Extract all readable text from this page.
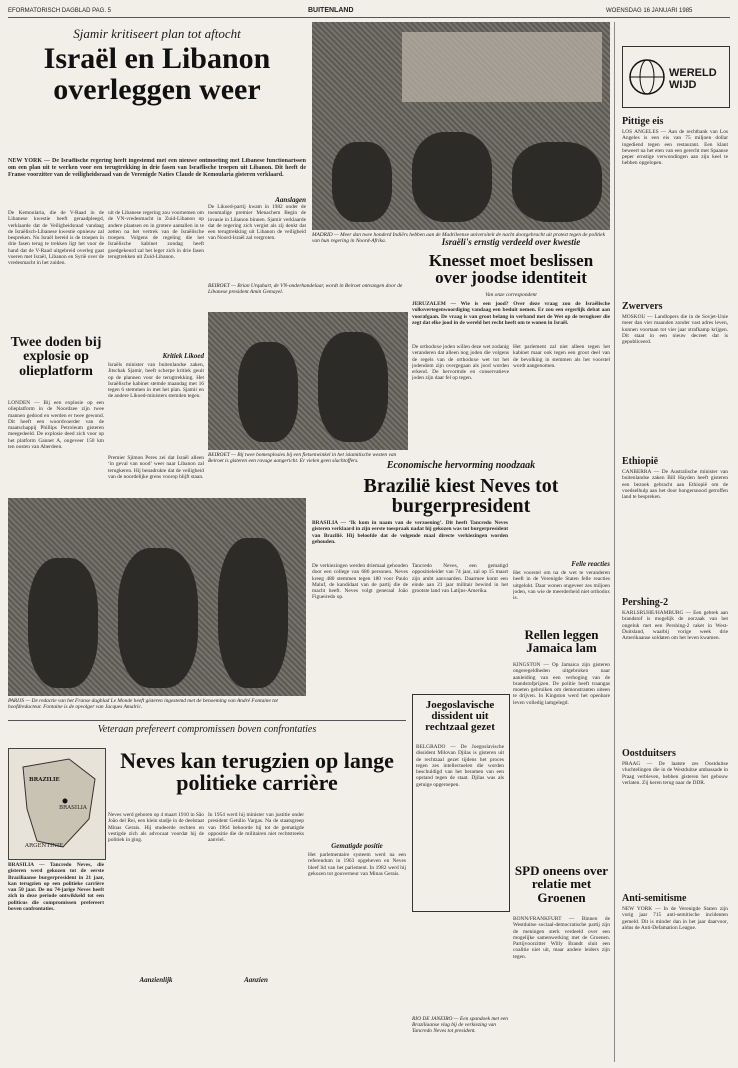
EFORMATORISCH DAGBLAD PAG. 5	BUITENLAND	WOENSDAG 16 JANUARI 1985
Sjamir kritiseert plan tot aftocht
Israël en Libanon overleggen weer
NEW YORK — De Israëlische regering heeft ingestemd met een nieuwe ontmoeting met Libanese functionarissen om een plan uit te werken voor een terugtrekking in drie fasen van Israëlische troepen uit Libanon. Dit heeft de Franse voorzitter van de veiligheidsraad van de Verenigde Naties Claude de Kemoularia gisteren verklaard.
De Kemoularia, die de V-Raad in de Libanese kwestie heeft geraadpleegd, verklaarde dat de Veiligheidsraad vandaag de Israëlisch-Libanese kwestie opnieuw zal bespreken. Nu Israël bereid is de troepen in drie fasen terug te trekken ligt het voor de hand dat de V-Raad uitgebreid overleg gaat voeren met Israël, Libanon en Syrië over de vredesmacht in het zuiden.
uit de Libanese regering zou voornemen om de VN-vredesmacht in Zuid-Libanon op andere plaatsen en in grotere aantallen in te zetten na het vertrek van de Israëlische troepen. Volgens de regeling die het Israëlische kabinet zondag heeft goedgekeurd zal het leger zich in drie fasen terugtrekken uit Zuid-Libanon.
Aanslagen
De Likoed-partij kwam in 1982 onder de toenmalige premier Menachem Begin de invasie in Libanon binnen. Sjamir verklaarde dat de regering zich vergist als zij denkt dat een terugtrekking uit Libanon de veiligheid van Noord-Israël zal vergroten.
Kritiek Likoed
Israëls minister van buitenlandse zaken, Jitschak Sjamir, heeft scherpe kritiek geuit op de plannen voor de terugtrekking. Het Israëlische kabinet stemde maandag met 16 tegen 6 stemmen in met het plan. Sjamir en de andere Likoed-ministers stemden tegen.
Premier Sjimon Peres zei dat Israël alleen ‘in geval van nood’ weer naar Libanon zal terugkeren. Hij benadrukte dat de veiligheid van de noordelijke grens voorop blijft staan.
Twee doden bij explosie op olieplatform
LONDEN — Bij een explosie op een olieplatform in de Noordzee zijn twee mannen gedood en werden er twee gewond. Dit heeft een woordvoerder van de maatschappij Phillips Petroleum gisteren meegedeeld. De explosie deed zich voor op het platform Gannet A, ongeveer 150 km ten oosten van Aberdeen.
MADRID — Meer dan twee honderd Indiërs hebben aan de Madrileense universiteit de nacht doorgebracht uit protest tegen de politiek van hun regering in Noord-Afrika.
BEIROET — Brian Urquhart, de VN-onderhandelaar, wordt in Beiroet ontvangen door de Libanese president Amin Gemayel.
BEIROET — Bij twee bomexplosies bij een fietsenwinkel in het islamitische westen van Beiroet is gisteren een ravage aangericht. Er vielen geen slachtoffers.
PARIJS — De redactie van het Franse dagblad Le Monde heeft gisteren ingestemd met de benoeming van André Fontaine tot hoofdredacteur. Fontaine is de opvolger van Jacques Amalric.
Israëli's ernstig verdeeld over kwestie
Knesset moet beslissen over joodse identiteit
Van onze correspondent
JERUZALEM — Wie is een jood? Over deze vraag zou de Israëlische volksvertegenwoordiging vandaag een besluit nemen. Er zou een ergerlijk debat aan voorafgaan. De vraag is van groot belang in verband met de Wet op de terugkeer die zegt dat elke jood in de wereld het recht heeft om te wonen in Israël.
De orthodoxe joden willen deze wet zodanig veranderen dat alleen nog joden die volgens de regels van de orthodoxe wet tot het jodendom zijn overgegaan als jood worden erkend. De hervormde en conservatieve joden zijn daar fel op tegen.
Het parlement zal niet alleen tegen het kabinet maar ook tegen een groot deel van de bevolking in stemmen als het voorstel wordt aangenomen.
Felle reacties
Het voorstel om na de wet te veranderen heeft in de Verenigde Staten felle reacties uitgelokt. Daar wonen ongeveer zes miljoen joden, van wie de meerderheid niet orthodox is.
Economische hervorming noodzaak
Brazilië kiest Neves tot burgerpresident
BRASILIA — ‘Ik kom in naam van de verzoening’. Dit heeft Tancredo Neves gisteren verklaard in zijn eerste toespraak nadat hij gekozen was tot burgerpresident van Brazilië. Hij beloofde dat de volgende maal directe verkiezingen worden gehouden.
De verkiezingen werden driemaal gehouden door een college van 686 personen. Neves kreeg 480 stemmen tegen 180 voor Paulo Maluf, de kandidaat van de partij die de macht heeft. Neves volgt generaal João Figueiredo op.
Tancredo Neves, een gematigd oppositieleider van 74 jaar, zal op 15 maart zijn ambt aanvaarden. Daarmee komt een einde aan 21 jaar militair bewind in het grootste land van Latijns-Amerika.
Rellen leggen Jamaica lam
KINGSTON — Op Jamaica zijn gisteren ongeregeldheden uitgebroken naar aanleiding van een verhoging van de brandstofprijzen. De politie heeft traangas moeten gebruiken om demonstranten uiteen te drijven. In Kingston werd het openbare leven volledig lamgelegd.
Joegoslavische dissident uit rechtzaal gezet
BELGRADO — De Joegoslavische dissident Milovan Djilas is gisteren uit de rechtzaal gezet tijdens het proces tegen zes intellectuelen die worden beschuldigd van het beramen van een opstand tegen de staat. Djilas was als getuige opgeroepen.
RIO DE JANEIRO — Een spandoek met een Braziliaanse vlag bij de verkiezing van Tancredo Neves tot president.
SPD oneens over relatie met Groenen
BONN/FRANKFURT — Binnen de Westduitse sociaal-democratische partij zijn de meningen sterk verdeeld over een mogelijke samenwerking met de Groenen. Partijvoorzitter Willy Brandt sluit een coalitie niet uit, maar andere leiders zijn tegen.
Veteraan prefereert compromissen boven confrontaties
Neves kan terugzien op lange politieke carrière
BRAZILIE
BRASILIA
ARGENTINIE
BRASILIA — Tancredo Neves, die gisteren werd gekozen tot de eerste Braziliaanse burgerpresident in 21 jaar, kan terugzien op een politieke carrière van 50 jaar. De nu 74-jarige Neves heeft zich in deze periode ontwikkeld tot een politicus die compromissen prefereert boven confrontaties.
Neves werd geboren op 4 maart 1910 in São João del Rei, een klein stadje in de deelstaat Minas Gerais. Hij studeerde rechten en vestigde zich als advocaat voordat hij de politiek in ging.
Aanzienlijk
In 1954 werd hij minister van justitie onder president Getúlio Vargas. Na de staatsgreep van 1964 behoorde hij tot de gematigde oppositie die de militairen niet rechtstreeks aanviel.
Gematigde positie
Het parlementaire systeem werd na een referendum in 1963 opgeheven en Neves bleef lid van het parlement. In 1982 werd hij gekozen tot gouverneur van Minas Gerais.
Aanzien
WERELD WIJD
Pittige eis
LOS ANGELES — Aan de rechtbank van Los Angeles is een eis van 75 miljoen dollar ingediend tegen een restaurant. Een klant beweert na het eten van een gerecht met Spaanse peper ernstige verwondingen aan zijn keel te hebben opgelopen.
Zwervers
MOSKOU — Landlopers die in de Sovjet-Unie meer dan vier maanden zonder vast adres leven, kunnen voortaan tot vier jaar strafkamp krijgen. Dit staat in een nieuw decreet dat is gepubliceerd.
Ethiopië
CANBERRA — De Australische minister van buitenlandse zaken Bill Hayden heeft gisteren een bezoek gebracht aan Ethiopië om de voedselhulp aan het door hongersnood getroffen land te bespreken.
Pershing-2
KARLSRUHE/HAMBURG — Een gebrek aan brandstof is mogelijk de oorzaak van het ongeluk met een Pershing-2 raket in West-Duitsland, waarbij vorige week drie Amerikaanse soldaten om het leven kwamen.
Oostduitsers
PRAAG — De laatste zes Oostduitse vluchtelingen die in de Westduitse ambassade in Praag verbleven, hebben gisteren het gebouw verlaten. Zij keren terug naar de DDR.
Anti-semitisme
NEW YORK — In de Verenigde Staten zijn vorig jaar 715 anti-semitische incidenten gemeld. Dit is minder dan in het jaar daarvoor, aldus de Anti-Defamation League.
